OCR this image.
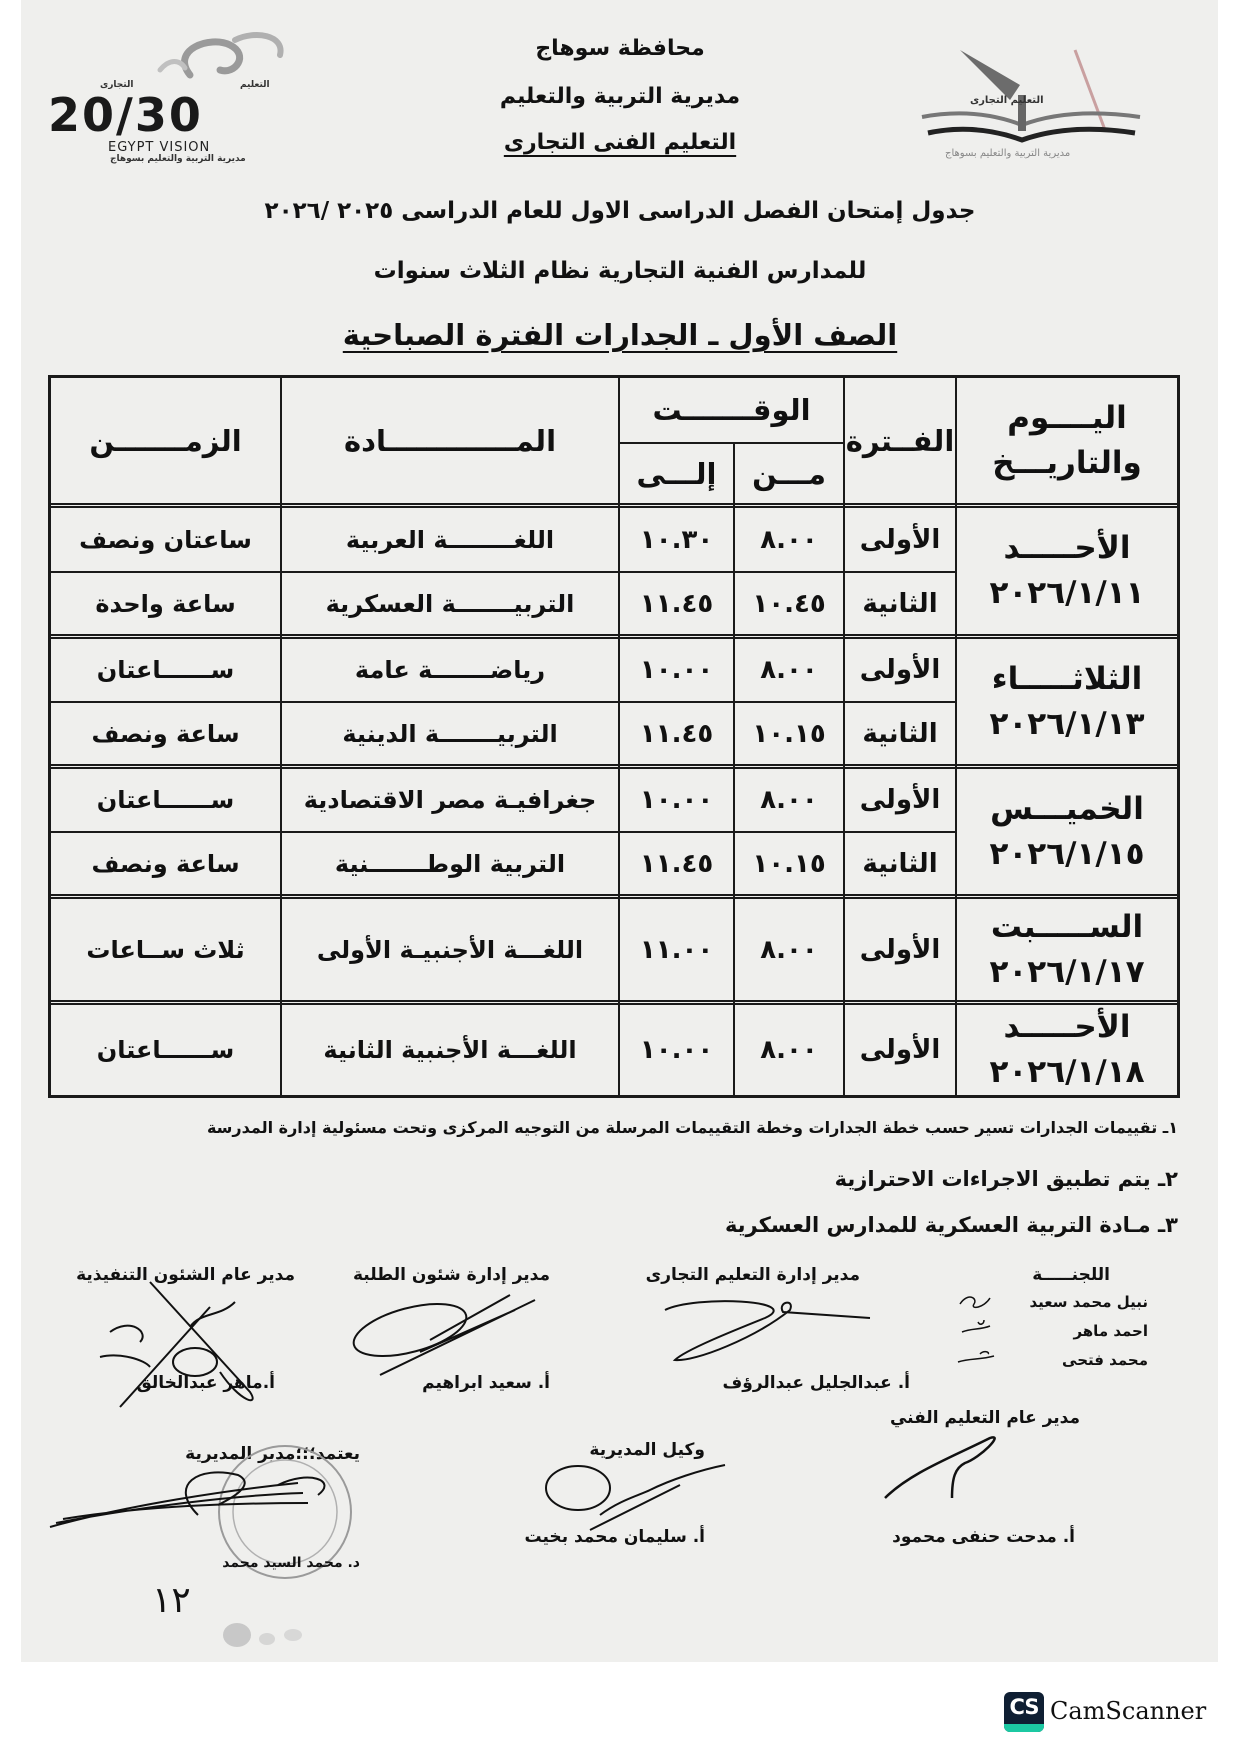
التعليم
التجارى
20/30
EGYPT VISION
مديرية التربية والتعليم بسوهاج
التعليم التجارى
مديرية التربية والتعليم بسوهاج
محافظة سوهاج
مديرية التربية والتعليم
التعليم الفنى التجارى
جدول إمتحان الفصل الدراسى الاول للعام الدراسى ٢٠٢٥ /٢٠٢٦
للمدارس الفنية التجارية نظام الثلاث سنوات
الصف الأول ـ الجدارات الفترة الصباحية
اليــــوم
والتاريـــخ
الفــترة
الوقـــــــت
مـــن
إلـــى
المـــــــــــــادة
الزمـــــــن
الأحـــــد
٢٠٢٦/١/١١
الأولى
٨.٠٠
١٠.٣٠
اللغــــــــة العربية
ساعتان ونصف
الثانية
١٠.٤٥
١١.٤٥
التربيـــــــة العسكرية
ساعة واحدة
الثلاثـــــاء
٢٠٢٦/١/١٣
الأولى
٨.٠٠
١٠.٠٠
رياضـــــــة عامة
ســــــاعتان
الثانية
١٠.١٥
١١.٤٥
التربيـــــــة الدينية
ساعة ونصف
الخميـــس
٢٠٢٦/١/١٥
الأولى
٨.٠٠
١٠.٠٠
جغرافيـة مصر الاقتصادية
ســــــاعتان
الثانية
١٠.١٥
١١.٤٥
التربية الوطـــــــنية
ساعة ونصف
الســـــبت
٢٠٢٦/١/١٧
الأولى
٨.٠٠
١١.٠٠
اللغـــة الأجنبيـة الأولى
ثلاث ســاعات
الأحـــــد
٢٠٢٦/١/١٨
الأولى
٨.٠٠
١٠.٠٠
اللغـــة الأجنبية الثانية
ســــــاعتان
١ـ تقييمات الجدارات تسير حسب خطة الجدارات وخطة التقييمات المرسلة من التوجيه المركزى وتحت مسئولية إدارة المدرسة
٢ـ يتم تطبيق الاجراءات الاحترازية
٣ـ مـادة التربية العسكرية للمدارس العسكرية
اللجنـــــة
نبيل محمد سعيد
احمد ماهر
محمد فتحى
مدير إدارة التعليم التجارى
أ. عبدالجليل عبدالرؤف
مدير إدارة شئون الطلبة
أ. سعيد ابراهيم
مدير عام الشئون التنفيذية
أ.ماهر عبدالخالق
مدير عام التعليم الفني
أ. مدحت حنفى محمود
وكيل المديرية
أ. سليمان محمد بخيت
يعتمد؛؛؛مدير المديرية
د. محمد السيد محمد
١٢
CS CamScanner
